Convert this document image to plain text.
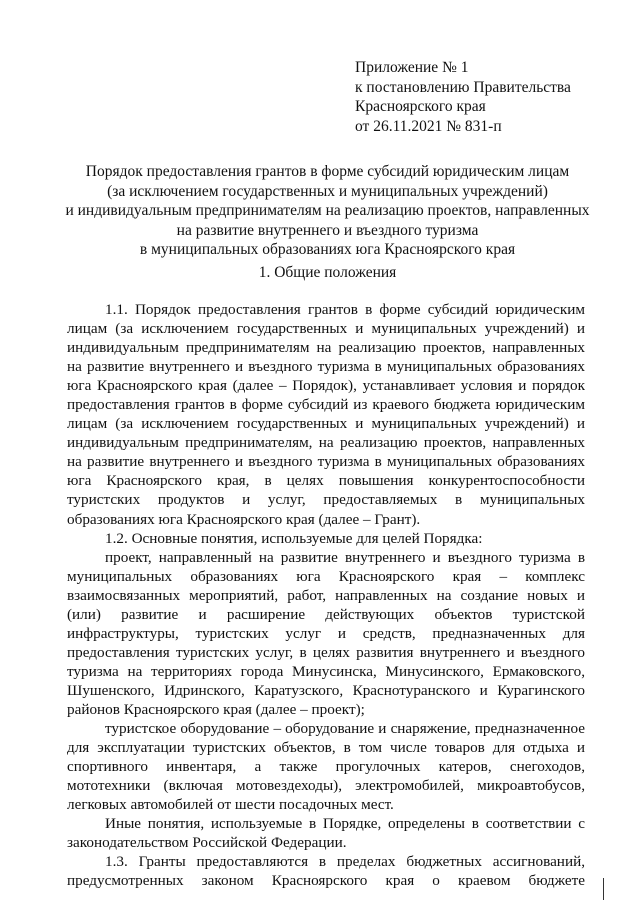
Приложение № 1
к постановлению Правительства
Красноярского края
от 26.11.2021 № 831-п
Порядок предоставления грантов в форме субсидий юридическим лицам
(за исключением государственных и муниципальных учреждений)
и индивидуальным предпринимателям на реализацию проектов, направленных
на развитие внутреннего и въездного туризма
в муниципальных образованиях юга Красноярского края
1. Общие положения

1.1. Порядок предоставления грантов в форме субсидий юридическим лицам (за исключением государственных и муниципальных учреждений) и индивидуальным предпринимателям на реализацию проектов, направленных на развитие внутреннего и въездного туризма в муниципальных образованиях юга Красноярского края (далее – Порядок), устанавливает условия и порядок предоставления грантов в форме субсидий из краевого бюджета юридическим лицам (за исключением государственных и муниципальных учреждений) и индивидуальным предпринимателям, на реализацию проектов, направленных на развитие внутреннего и въездного туризма в муниципальных образованиях юга Красноярского края, в целях повышения конкурентоспособности туристских продуктов и услуг, предоставляемых в муниципальных образованиях юга Красноярского края (далее – Грант).

1.2. Основные понятия, используемые для целей Порядка:

проект, направленный на развитие внутреннего и въездного туризма в муниципальных образованиях юга Красноярского края – комплекс взаимосвязанных мероприятий, работ, направленных на создание новых и (или) развитие и расширение действующих объектов туристской инфраструктуры, туристских услуг и средств, предназначенных для предоставления туристских услуг, в целях развития внутреннего и въездного туризма на территориях города Минусинска, Минусинского, Ермаковского, Шушенского, Идринского, Каратузского, Краснотуранского и Курагинского районов Красноярского края (далее – проект);

туристское оборудование – оборудование и снаряжение, предназначенное для эксплуатации туристских объектов, в том числе товаров для отдыха и спортивного инвентаря, а также прогулочных катеров, снегоходов, мототехники (включая мотовездеходы), электромобилей, микроавтобусов, легковых автомобилей от шести посадочных мест.

Иные понятия, используемые в Порядке, определены в соответствии с законодательством Российской Федерации.

1.3. Гранты предоставляются в пределах бюджетных ассигнований, предусмотренных законом Красноярского края о краевом бюджете
